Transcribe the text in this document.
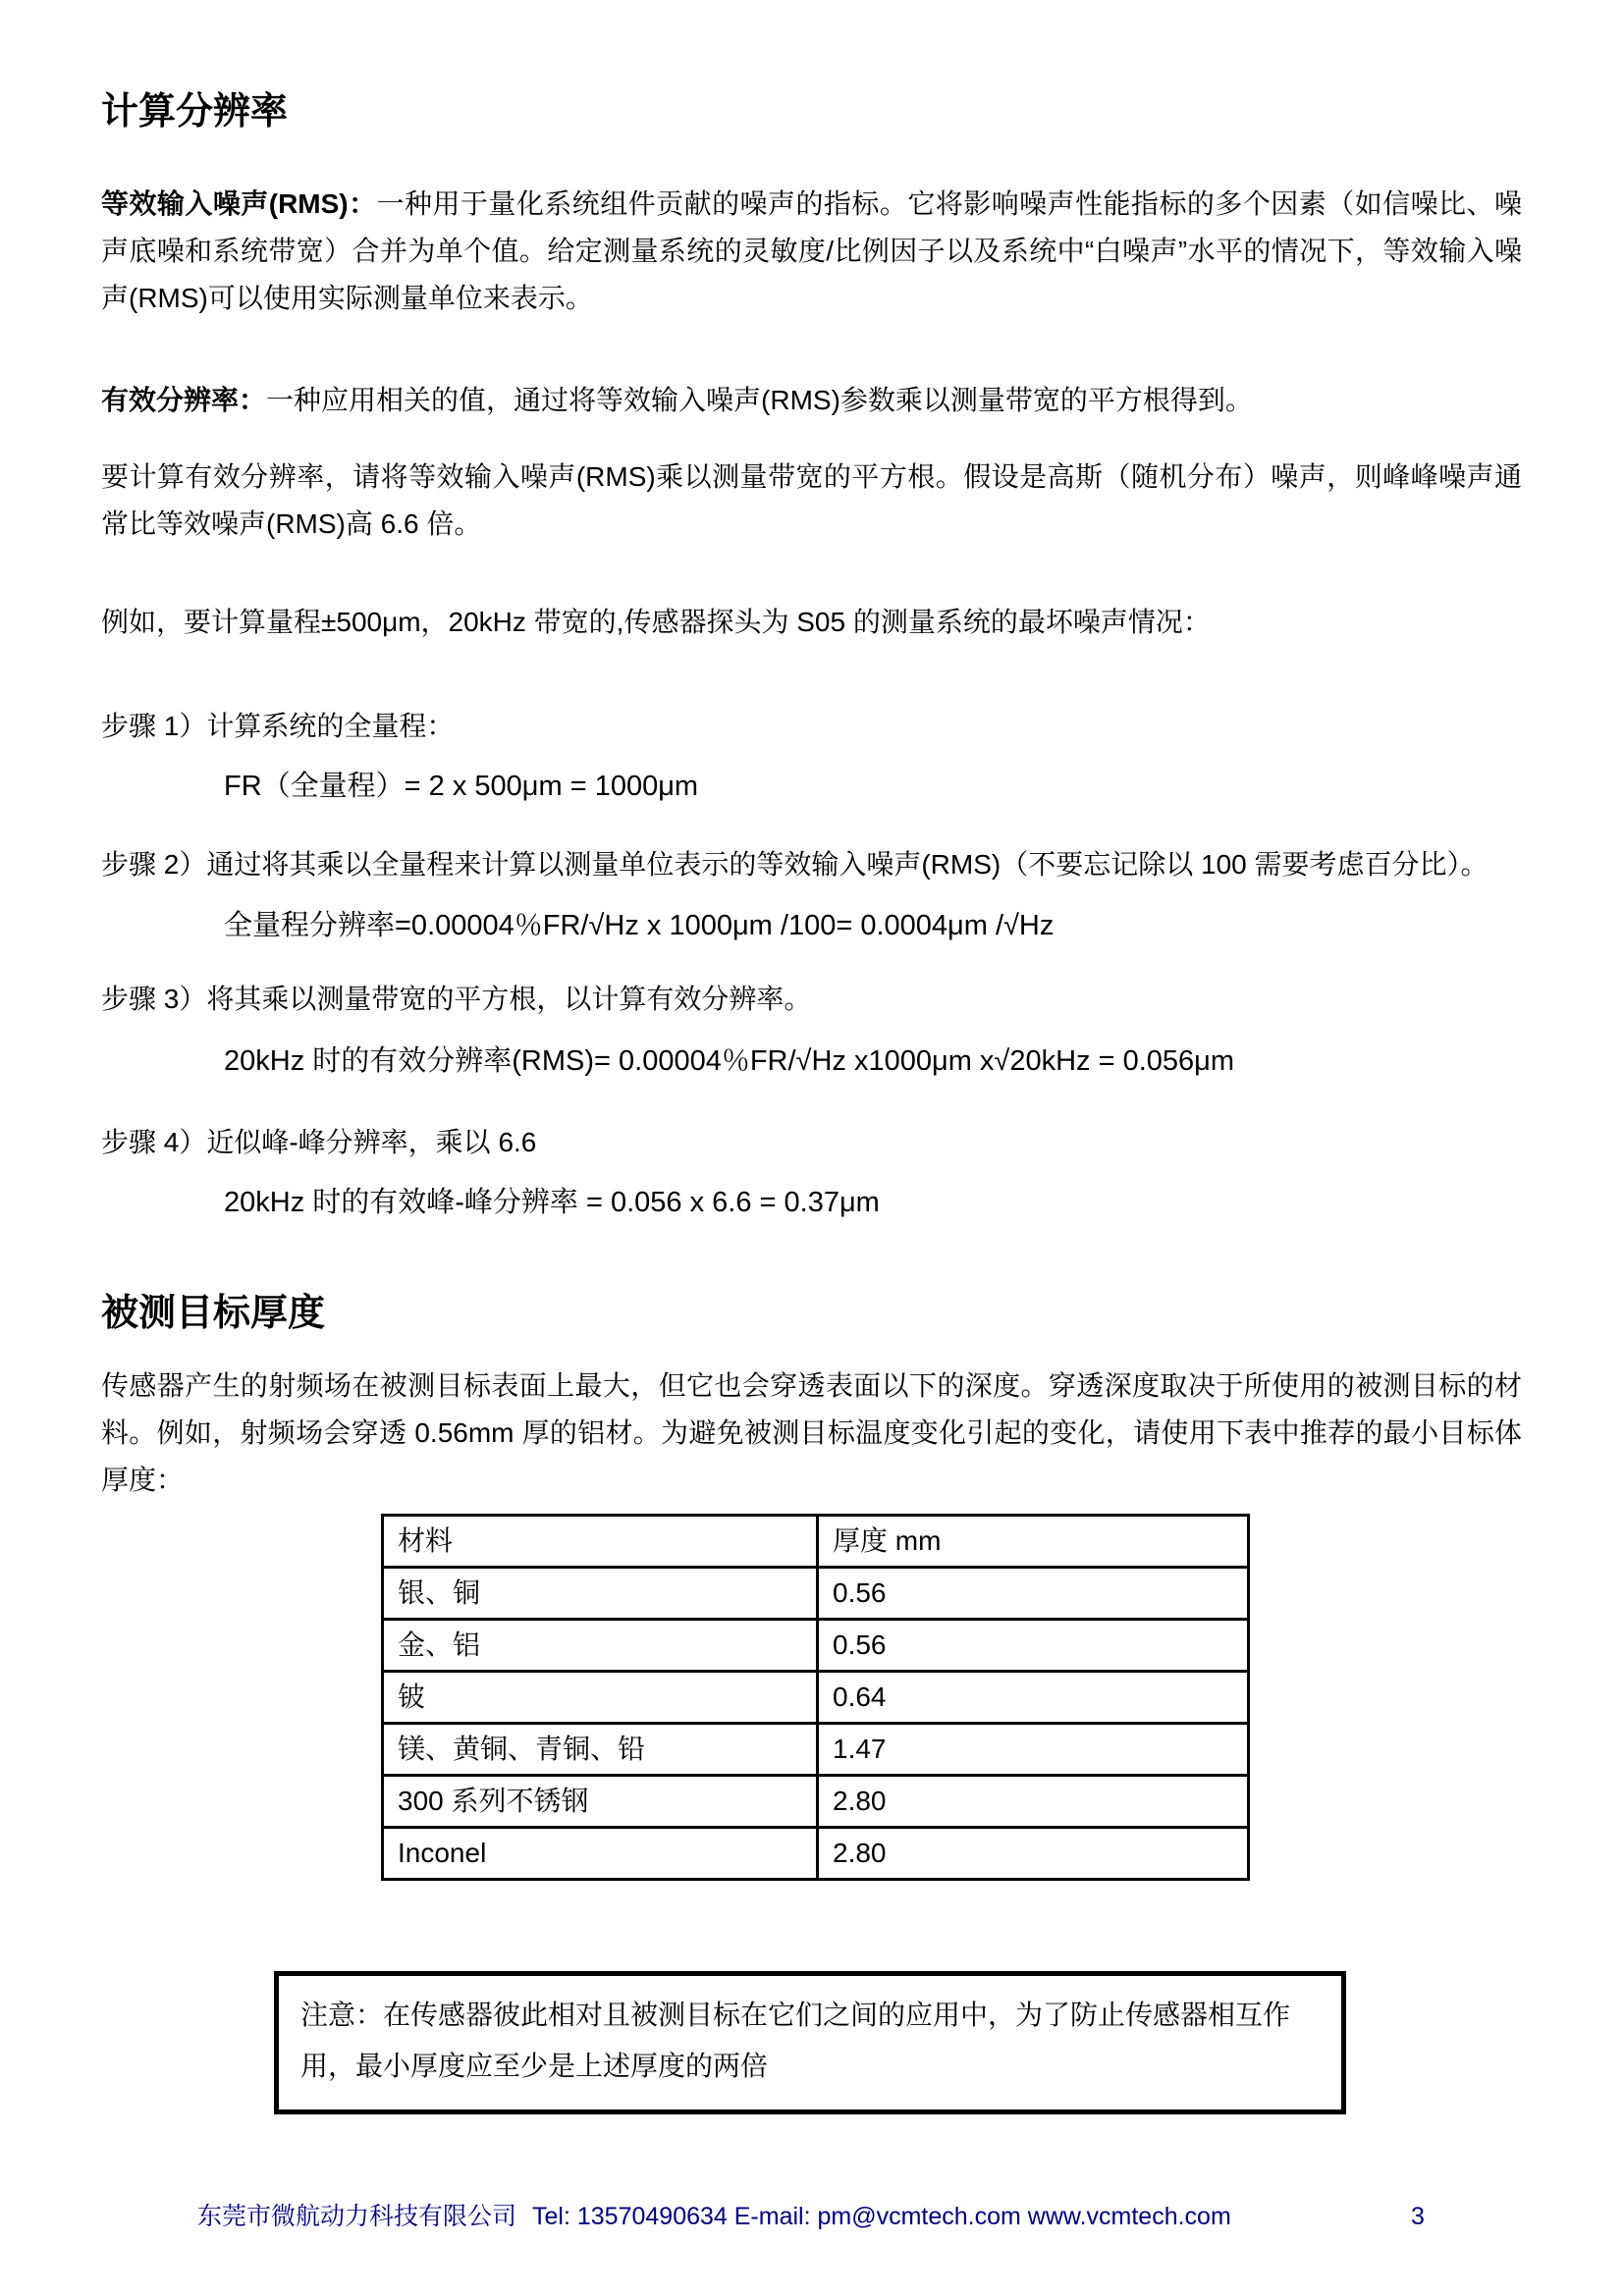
计算分辨率

等效输入噪声(RMS)：一种用于量化系统组件贡献的噪声的指标。它将影响噪声性能指标的多个因素（如信噪比、噪声底噪和系统带宽）合并为单个值。给定测量系统的灵敏度/比例因子以及系统中“白噪声”水平的情况下，等效输入噪声(RMS)可以使用实际测量单位来表示。

有效分辨率：一种应用相关的值，通过将等效输入噪声(RMS)参数乘以测量带宽的平方根得到。

要计算有效分辨率，请将等效输入噪声(RMS)乘以测量带宽的平方根。假设是高斯（随机分布）噪声，则峰峰噪声通常比等效噪声(RMS)高 6.6 倍。

例如，要计算量程±500μm，20kHz 带宽的,传感器探头为 S05 的测量系统的最坏噪声情况：

步骤 1）计算系统的全量程：

FR（全量程）= 2 x 500μm = 1000μm

步骤 2）通过将其乘以全量程来计算以测量单位表示的等效输入噪声(RMS)（不要忘记除以 100 需要考虑百分比）。

全量程分辨率=0.00004％FR/√Hz x 1000μm /100= 0.0004μm /√Hz

步骤 3）将其乘以测量带宽的平方根，以计算有效分辨率。

20kHz 时的有效分辨率(RMS)= 0.00004％FR/√Hz x1000μm x√20kHz = 0.056μm

步骤 4）近似峰-峰分辨率，乘以 6.6

20kHz 时的有效峰-峰分辨率 = 0.056 x 6.6 = 0.37μm

被测目标厚度

传感器产生的射频场在被测目标表面上最大，但它也会穿透表面以下的深度。穿透深度取决于所使用的被测目标的材料。例如，射频场会穿透 0.56mm 厚的铝材。为避免被测目标温度变化引起的变化，请使用下表中推荐的最小目标体厚度：

材料	厚度 mm
银、铜	0.56
金、铝	0.56
铍	0.64
镁、黄铜、青铜、铅	1.47
300 系列不锈钢	2.80
Inconel	2.80
注意：在传感器彼此相对且被测目标在它们之间的应用中，为了防止传感器相互作用，最小厚度应至少是上述厚度的两倍
东莞市微航动力科技有限公司 Tel: 13570490634 E-mail: pm@vcmtech.com www.vcmtech.com	3
